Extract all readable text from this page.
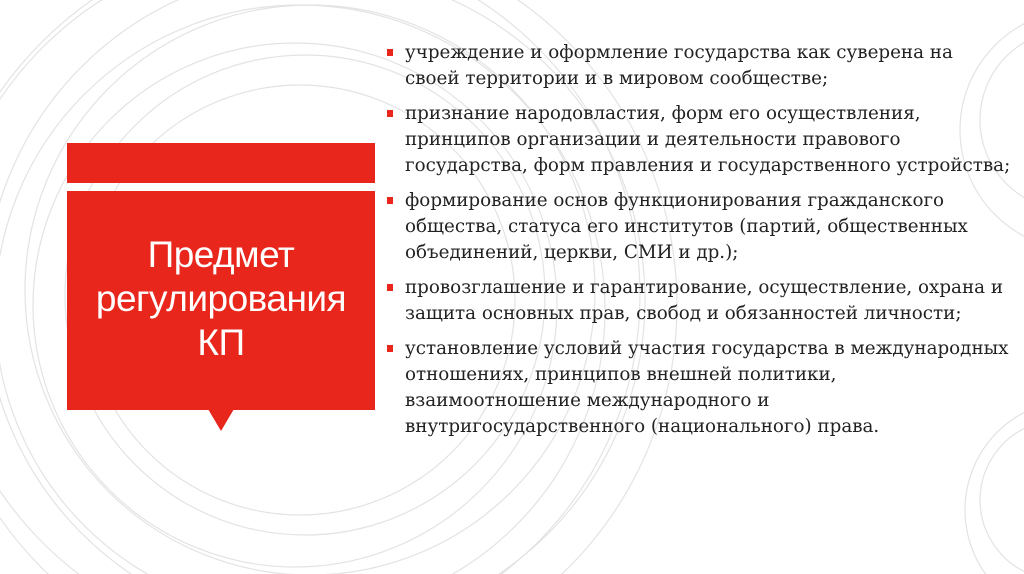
Предмет
регулирования
КП
учреждение и оформление государства как суверена на своей территории и в мировом сообществе;
признание народовластия, форм его осуществления, принципов организации и деятельности правового государства, форм правления и государственного устройства;
формирование основ функционирования гражданского общества, статуса его институтов (партий, общественных объединений, церкви, СМИ и др.);
провозглашение и гарантирование, осуществление, охрана и защита основных прав, свобод и обязанностей личности;
установление условий участия государства в международных отношениях, принципов внешней политики, взаимоотношение международного и внутригосударственного (национального) права.
